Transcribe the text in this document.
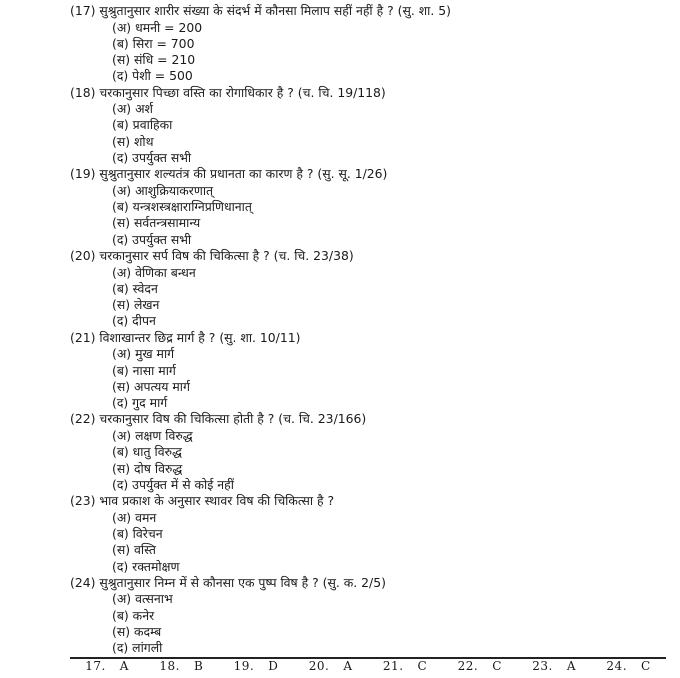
(17) सुश्रुतानुसार शारीर संख्या के संदर्भ में कौनसा मिलाप सहीं नहीं है ? (सु. शा. 5)
(अ) धमनी = 200
(ब) सिरा = 700
(स) संधि = 210
(द) पेशी = 500
(18) चरकानुसार पिच्छा वस्ति का रोगाधिकार है ? (च. चि. 19/118)
(अ) अर्श
(ब) प्रवाहिका
(स) शोथ
(द) उपर्युक्त सभी
(19) सुश्रुतानुसार शल्यतंत्र की प्रधानता का कारण है ? (सु. सू. 1/26)
(अ) आशुक्रियाकरणात्
(ब) यन्त्रशस्त्रक्षाराग्निप्रणिधानात्
(स) सर्वतन्त्रसामान्य
(द) उपर्युक्त सभी
(20) चरकानुसार सर्प विष की चिकित्सा है ? (च. चि. 23/38)
(अ) वेणिका बन्धन
(ब) स्वेदन
(स) लेखन
(द) दीपन
(21) विशाखान्तर छिद्र मार्ग है ? (सु. शा. 10/11)
(अ) मुख मार्ग
(ब) नासा मार्ग
(स) अपत्यय मार्ग
(द) गुद मार्ग
(22) चरकानुसार विष की चिकित्सा होती है ? (च. चि. 23/166)
(अ) लक्षण विरुद्ध
(ब) धातु विरुद्ध
(स) दोष विरुद्ध
(द) उपर्युक्त में से कोई नहीं
(23) भाव प्रकाश के अनुसार स्थावर विष की चिकित्सा है ?
(अ) वमन
(ब) विरेचन
(स) वस्ति
(द) रक्तमोक्षण
(24) सुश्रुतानुसार निम्न में से कौनसा एक पुष्प विष है ? (सु. क. 2/5)
(अ) वत्सनाभ
(ब) कनेर
(स) कदम्ब
(द) लांगली
17. A	18. B	19. D	20. A	21. C	22. C	23. A	24. C
